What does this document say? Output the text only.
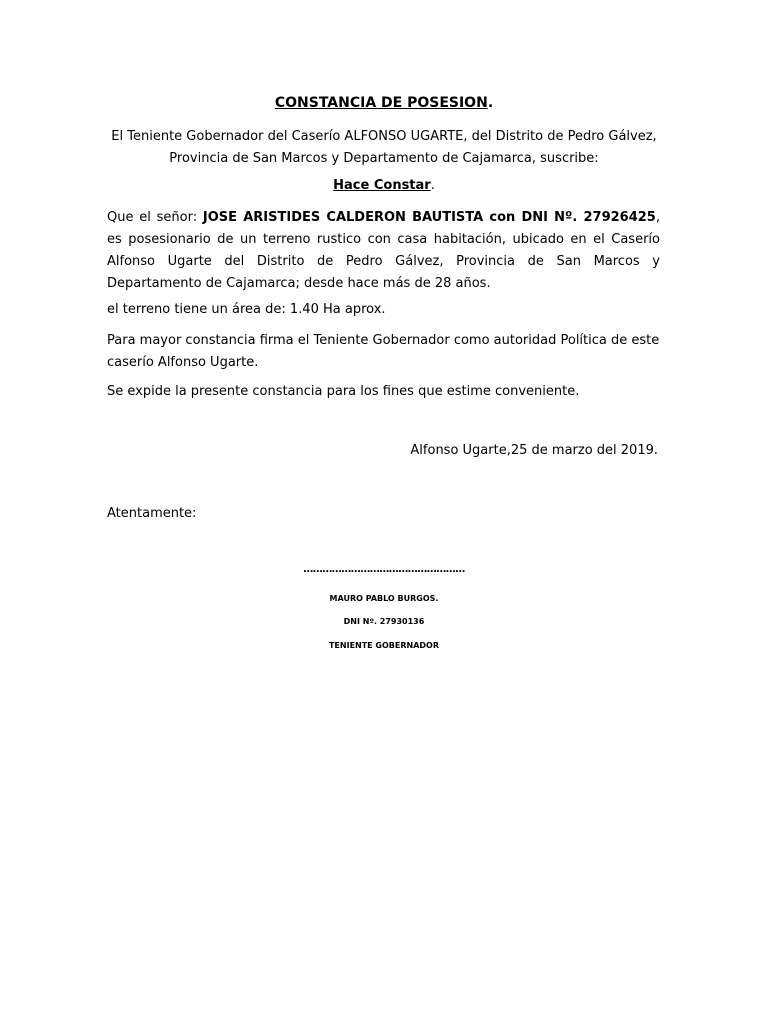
CONSTANCIA DE POSESION.
El Teniente Gobernador del Caserío ALFONSO UGARTE, del Distrito de Pedro Gálvez,
Provincia de San Marcos y Departamento de Cajamarca, suscribe:
Hace Constar.
Que el señor: JOSE ARISTIDES CALDERON BAUTISTA con DNI Nº. 27926425, es posesionario de un terreno rustico con casa habitación, ubicado en el Caserío Alfonso Ugarte del Distrito de Pedro Gálvez, Provincia de San Marcos y Departamento de Cajamarca; desde hace más de 28 años.
el terreno tiene un área de: 1.40 Ha aprox.
Para mayor constancia firma el Teniente Gobernador como autoridad Política de este caserío Alfonso Ugarte.
Se expide la presente constancia para los fines que estime conveniente.
Alfonso Ugarte,25 de marzo del 2019.
Atentamente:
……………………………………………
MAURO PABLO BURGOS.
DNI Nº. 27930136
TENIENTE GOBERNADOR
